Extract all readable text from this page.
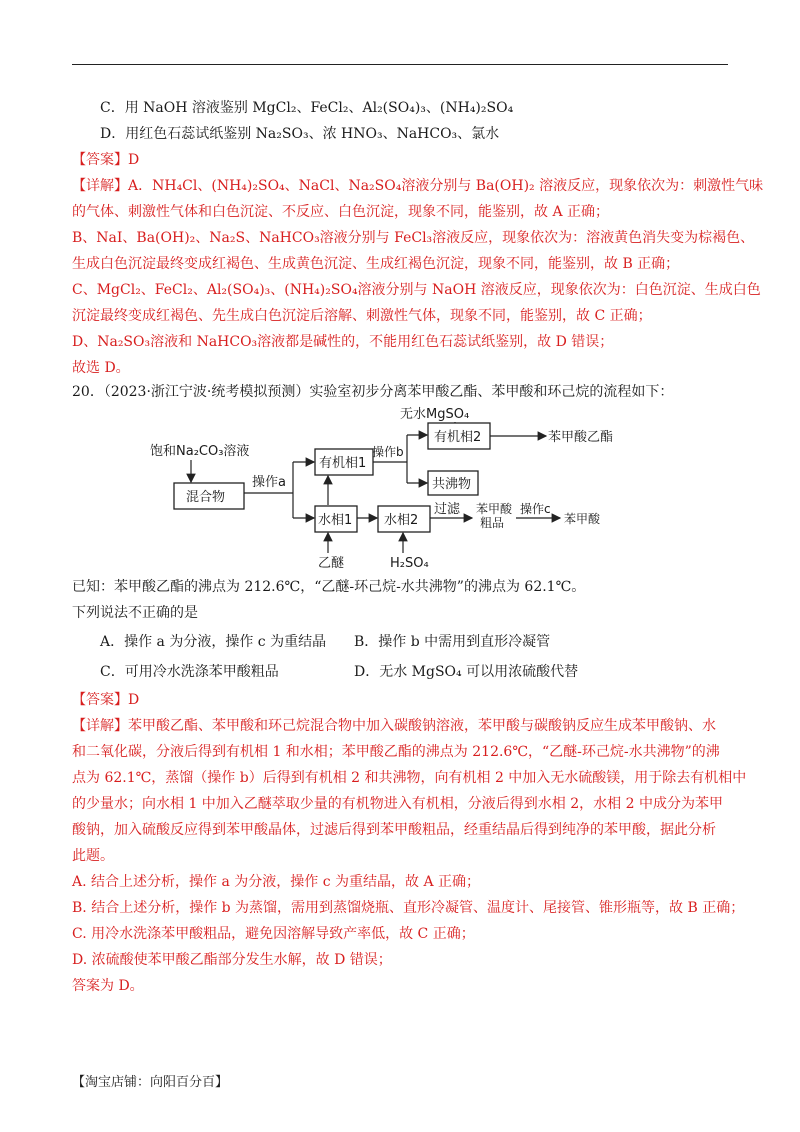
C．用 NaOH 溶液鉴别 MgCl₂、FeCl₂、Al₂(SO₄)₃、(NH₄)₂SO₄
D．用红色石蕊试纸鉴别 Na₂SO₃、浓 HNO₃、NaHCO₃、氯水
【答案】D
【详解】A．NH₄Cl、(NH₄)₂SO₄、NaCl、Na₂SO₄溶液分别与 Ba(OH)₂ 溶液反应，现象依次为：刺激性气味
的气体、刺激性气体和白色沉淀、不反应、白色沉淀，现象不同，能鉴别，故 A 正确；
B、NaI、Ba(OH)₂、Na₂S、NaHCO₃溶液分别与 FeCl₃溶液反应，现象依次为：溶液黄色消失变为棕褐色、
生成白色沉淀最终变成红褐色、生成黄色沉淀、生成红褐色沉淀，现象不同，能鉴别，故 B 正确；
C、MgCl₂、FeCl₂、Al₂(SO₄)₃、(NH₄)₂SO₄溶液分别与 NaOH 溶液反应，现象依次为：白色沉淀、生成白色
沉淀最终变成红褐色、先生成白色沉淀后溶解、刺激性气体，现象不同，能鉴别，故 C 正确；
D、Na₂SO₃溶液和 NaHCO₃溶液都是碱性的，不能用红色石蕊试纸鉴别，故 D 错误；
故选 D。
20．（2023·浙江宁波·统考模拟预测）实验室初步分离苯甲酸乙酯、苯甲酸和环己烷的流程如下：
饱和Na₂CO₃溶液
混合物
操作a
有机相1
操作b
无水MgSO₄
有机相2	苯甲酸乙酯
共沸物
水相1
乙醚
水相2
H₂SO₄
过滤 苯甲酸
粗品
操作c
苯甲酸
已知：苯甲酸乙酯的沸点为 212.6℃，“乙醚-环己烷-水共沸物”的沸点为 62.1℃。
下列说法不正确的是
A．操作 a 为分液，操作 c 为重结晶 B．操作 b 中需用到直形冷凝管
C．可用冷水洗涤苯甲酸粗品	D．无水 MgSO₄ 可以用浓硫酸代替
【答案】D
【详解】苯甲酸乙酯、苯甲酸和环己烷混合物中加入碳酸钠溶液，苯甲酸与碳酸钠反应生成苯甲酸钠、水
和二氧化碳，分液后得到有机相 1 和水相；苯甲酸乙酯的沸点为 212.6℃，“乙醚-环己烷-水共沸物”的沸
点为 62.1℃，蒸馏（操作 b）后得到有机相 2 和共沸物，向有机相 2 中加入无水硫酸镁，用于除去有机相中
的少量水；向水相 1 中加入乙醚萃取少量的有机物进入有机相，分液后得到水相 2，水相 2 中成分为苯甲
酸钠，加入硫酸反应得到苯甲酸晶体，过滤后得到苯甲酸粗品，经重结晶后得到纯净的苯甲酸，据此分析
此题。
A. 结合上述分析，操作 a 为分液，操作 c 为重结晶，故 A 正确；
B. 结合上述分析，操作 b 为蒸馏，需用到蒸馏烧瓶、直形冷凝管、温度计、尾接管、锥形瓶等，故 B 正确；
C. 用冷水洗涤苯甲酸粗品，避免因溶解导致产率低，故 C 正确；
D. 浓硫酸使苯甲酸乙酯部分发生水解，故 D 错误；
答案为 D。
【淘宝店铺：向阳百分百】
